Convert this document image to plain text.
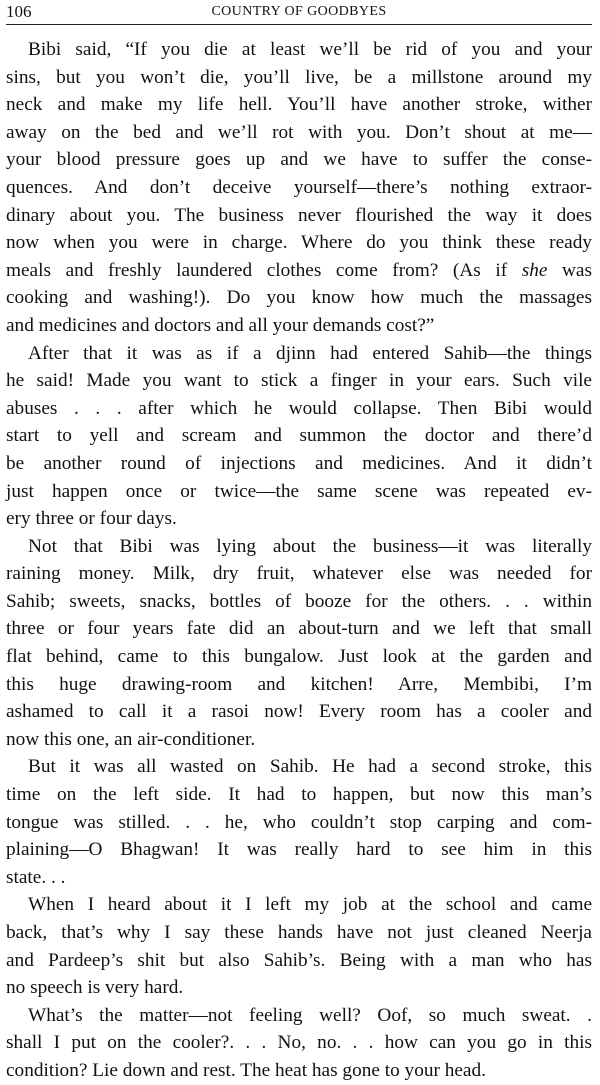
106	COUNTRY OF GOODBYES
Bibi said, “If you die at least we’ll be rid of you and your
sins, but you won’t die, you’ll live, be a millstone around my
neck and make my life hell. You’ll have another stroke, wither
away on the bed and we’ll rot with you. Don’t shout at me—
your blood pressure goes up and we have to suffer the conse-
quences. And don’t deceive yourself—there’s nothing extraor-
dinary about you. The business never flourished the way it does
now when you were in charge. Where do you think these ready
meals and freshly laundered clothes come from? (As if she was
cooking and washing!). Do you know how much the massages
and medicines and doctors and all your demands cost?”
After that it was as if a djinn had entered Sahib—the things
he said! Made you want to stick a finger in your ears. Such vile
abuses . . . after which he would collapse. Then Bibi would
start to yell and scream and summon the doctor and there’d
be another round of injections and medicines. And it didn’t
just happen once or twice—the same scene was repeated ev-
ery three or four days.
Not that Bibi was lying about the business—it was literally
raining money. Milk, dry fruit, whatever else was needed for
Sahib; sweets, snacks, bottles of booze for the others. . . within
three or four years fate did an about-turn and we left that small
flat behind, came to this bungalow. Just look at the garden and
this huge drawing-room and kitchen! Arre, Membibi, I’m
ashamed to call it a rasoi now! Every room has a cooler and
now this one, an air-conditioner.
But it was all wasted on Sahib. He had a second stroke, this
time on the left side. It had to happen, but now this man’s
tongue was stilled. . . he, who couldn’t stop carping and com-
plaining—O Bhagwan! It was really hard to see him in this
state. . .
When I heard about it I left my job at the school and came
back, that’s why I say these hands have not just cleaned Neerja
and Pardeep’s shit but also Sahib’s. Being with a man who has
no speech is very hard.
What’s the matter—not feeling well? Oof, so much sweat. .
shall I put on the cooler?. . . No, no. . . how can you go in this
condition? Lie down and rest. The heat has gone to your head.
